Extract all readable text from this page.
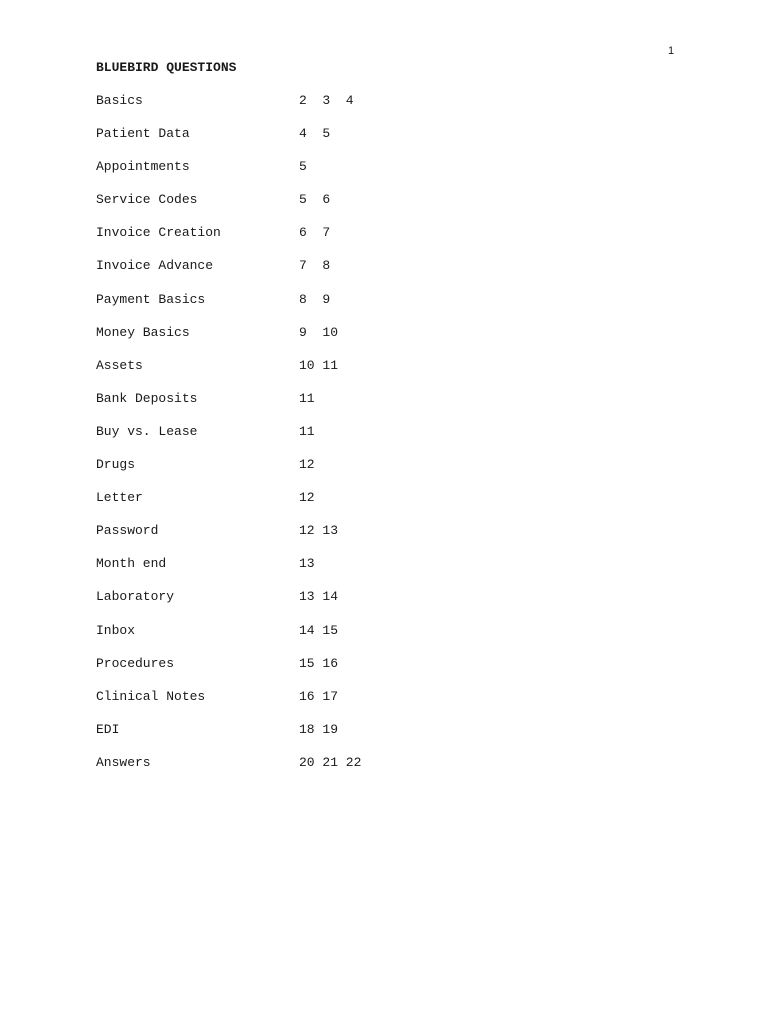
1
BLUEBIRD QUESTIONS
Basics	2  3  4
Patient Data	4  5
Appointments	5
Service Codes	5  6
Invoice Creation	6  7
Invoice Advance	7  8
Payment Basics	8  9
Money Basics	9  10
Assets	10 11
Bank Deposits	11
Buy vs. Lease	11
Drugs	12
Letter	12
Password	12 13
Month end	13
Laboratory	13 14
Inbox	14 15
Procedures	15 16
Clinical Notes	16 17
EDI	18 19
Answers	20 21 22
